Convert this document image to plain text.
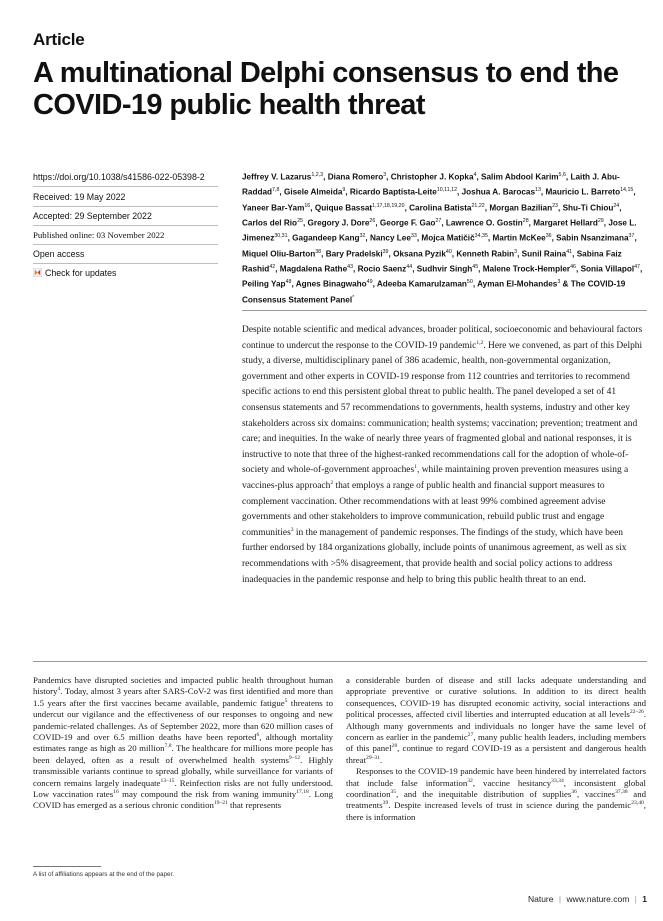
Article
A multinational Delphi consensus to end the COVID-19 public health threat
https://doi.org/10.1038/s41586-022-05398-2
Received: 19 May 2022
Accepted: 29 September 2022
Published online: 03 November 2022
Open access
Check for updates
Jeffrey V. Lazarus$^{1,2,3}$, Diana Romero$^3$, Christopher J. Kopka$^4$, Salim Abdool Karim$^{5,6}$, Laith J. Abu-Raddad$^{7,8}$, Gisele Almeida$^9$, Ricardo Baptista-Leite$^{10,11,12}$, Joshua A. Barocas$^{13}$, Mauricio L. Barreto$^{14,15}$, Yaneer Bar-Yam$^{16}$, Quique Bassat$^{1,17,18,19,20}$, Carolina Batista$^{21,22}$, Morgan Bazilian$^{23}$, Shu-Ti Chiou$^{24}$, Carlos del Rio$^{25}$, Gregory J. Dore$^{26}$, George F. Gao$^{27}$, Lawrence O. Gostin$^{28}$, Margaret Hellard$^{29}$, Jose L. Jimenez$^{30,31}$, Gagandeep Kang$^{32}$, Nancy Lee$^{33}$, Mojca Matičič$^{34,35}$, Martin McKee$^{36}$, Sabin Nsanzimana$^{37}$, Miquel Oliu-Barton$^{38}$, Bary Pradelski$^{39}$, Oksana Pyzik$^{40}$, Kenneth Rabin$^3$, Sunil Raina$^{41}$, Sabina Faiz Rashid$^{42}$, Magdalena Rathe$^{43}$, Rocio Saenz$^{44}$, Sudhvir Singh$^{45}$, Malene Trock-Hempler$^{46}$, Sonia Villapol$^{47}$, Peiling Yap$^{48}$, Agnes Binagwaho$^{49}$, Adeeba Kamarulzaman$^{50}$, Ayman El-Mohandes$^3$ & The COVID-19 Consensus Statement Panel*
Despite notable scientific and medical advances, broader political, socioeconomic and behavioural factors continue to undercut the response to the COVID-19 pandemic$^{1,2}$. Here we convened, as part of this Delphi study, a diverse, multidisciplinary panel of 386 academic, health, non-governmental organization, government and other experts in COVID-19 response from 112 countries and territories to recommend specific actions to end this persistent global threat to public health. The panel developed a set of 41 consensus statements and 57 recommendations to governments, health systems, industry and other key stakeholders across six domains: communication; health systems; vaccination; prevention; treatment and care; and inequities. In the wake of nearly three years of fragmented global and national responses, it is instructive to note that three of the highest-ranked recommendations call for the adoption of whole-of-society and whole-of-government approaches$^1$, while maintaining proven prevention measures using a vaccines-plus approach$^2$ that employs a range of public health and financial support measures to complement vaccination. Other recommendations with at least 99% combined agreement advise governments and other stakeholders to improve communication, rebuild public trust and engage communities$^3$ in the management of pandemic responses. The findings of the study, which have been further endorsed by 184 organizations globally, include points of unanimous agreement, as well as six recommendations with >5% disagreement, that provide health and social policy actions to address inadequacies in the pandemic response and help to bring this public health threat to an end.

Pandemics have disrupted societies and impacted public health throughout human history$^4$. Today, almost 3 years after SARS-CoV-2 was first identified and more than 1.5 years after the first vaccines became available, pandemic fatigue$^5$ threatens to undercut our vigilance and the effectiveness of our responses to ongoing and new pandemic-related challenges. As of September 2022, more than 620 million cases of COVID-19 and over 6.5 million deaths have been reported$^6$, although mortality estimates range as high as 20 million$^{7,8}$. The healthcare for millions more people has been delayed, often as a result of overwhelmed health systems$^{9-12}$. Highly transmissible variants continue to spread globally, while surveillance for variants of concern remains largely inadequate$^{13-15}$. Reinfection risks are not fully understood. Low vaccination rates$^{16}$ may compound the risk from waning immunity$^{17,18}$. Long COVID has emerged as a serious chronic condition$^{19-21}$ that represents

a considerable burden of disease and still lacks adequate understanding and appropriate preventive or curative solutions. In addition to its direct health consequences, COVID-19 has disrupted economic activity, social interactions and political processes, affected civil liberties and interrupted education at all levels$^{22-26}$. Although many governments and individuals no longer have the same level of concern as earlier in the pandemic$^{27}$, many public health leaders, including members of this panel$^{28}$, continue to regard COVID-19 as a persistent and dangerous health threat$^{29-31}$.

Responses to the COVID-19 pandemic have been hindered by interrelated factors that include false information$^{32}$, vaccine hesitancy$^{33,34}$, inconsistent global coordination$^{35}$, and the inequitable distribution of supplies$^{36}$, vaccines$^{37,38}$ and treatments$^{39}$. Despite increased levels of trust in science during the pandemic$^{23,40}$, there is information

A list of affiliations appears at the end of the paper.
Nature | www.nature.com | 1
